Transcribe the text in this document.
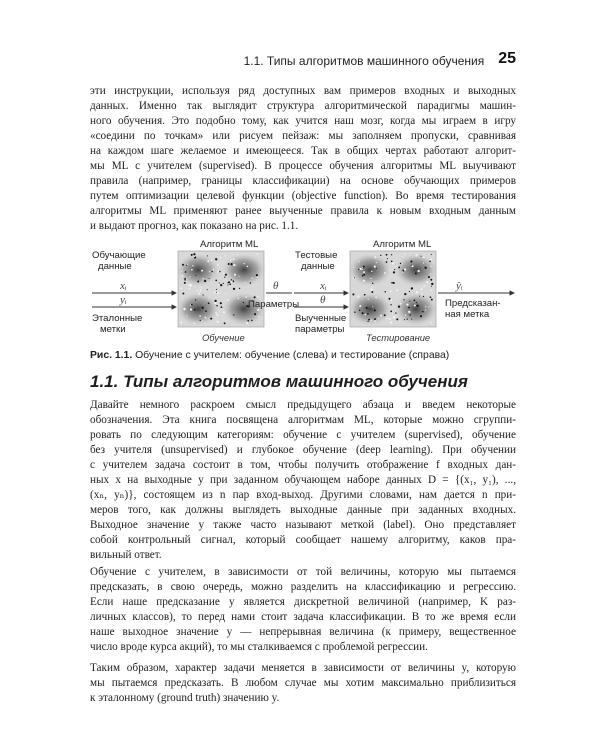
1.1. Типы алгоритмов машинного обучения 25
эти инструкции, используя ряд доступных вам примеров входных и выходных
данных. Именно так выглядит структура алгоритмической парадигмы машин-
ного обучения. Это подобно тому, как учится наш мозг, когда мы играем в игру
«соедини по точкам» или рисуем пейзаж: мы заполняем пропуски, сравнивая
на каждом шаге желаемое и имеющееся. Так в общих чертах работают алгорит-
мы ML с учителем (supervised). В процессе обучения алгоритмы ML выучивают
правила (например, границы классификации) на основе обучающих примеров
путем оптимизации целевой функции (objective function). Во время тестирования
алгоритмы ML применяют ранее выученные правила к новым входным данным
и выдают прогноз, как показано на рис. 1.1.
Алгоритм ML
Обучающие
данные
xᵢ
yᵢ
Эталонные
метки
Обучение
θ
Параметры
Алгоритм ML
Тестовые
данные
xᵢ
θ
Выученные
параметры
Тестирование
ŷᵢ
Предсказан-
ная метка
Рис. 1.1. Обучение с учителем: обучение (слева) и тестирование (справа)
1.1. Типы алгоритмов машинного обучения
Давайте немного раскроем смысл предыдущего абзаца и введем некоторые
обозначения. Эта книга посвящена алгоритмам ML, которые можно сгруппи-
ровать по следующим категориям: обучение с учителем (supervised), обучение
без учителя (unsupervised) и глубокое обучение (deep learning). При обучении
с учителем задача состоит в том, чтобы получить отображение f входных дан-
ных x на выходные y при заданном обучающем наборе данных D = {(x₁, y₁), ...,
(xₙ, yₙ)}, состоящем из n пар вход-выход. Другими словами, нам дается n при-
меров того, как должны выглядеть выходные данные при заданных входных.
Выходное значение y также часто называют меткой (label). Оно представляет
собой контрольный сигнал, который сообщает нашему алгоритму, каков пра-
вильный ответ.
Обучение с учителем, в зависимости от той величины, которую мы пытаемся
предсказать, в свою очередь, можно разделить на классификацию и регрессию.
Если наше предсказание y является дискретной величиной (например, K раз-
личных классов), то перед нами стоит задача классификации. В то же время если
наше выходное значение y — непрерывная величина (к примеру, вещественное
число вроде курса акций), то мы сталкиваемся с проблемой регрессии.
Таким образом, характер задачи меняется в зависимости от величины y, которую
мы пытаемся предсказать. В любом случае мы хотим максимально приблизиться
к эталонному (ground truth) значению y.
